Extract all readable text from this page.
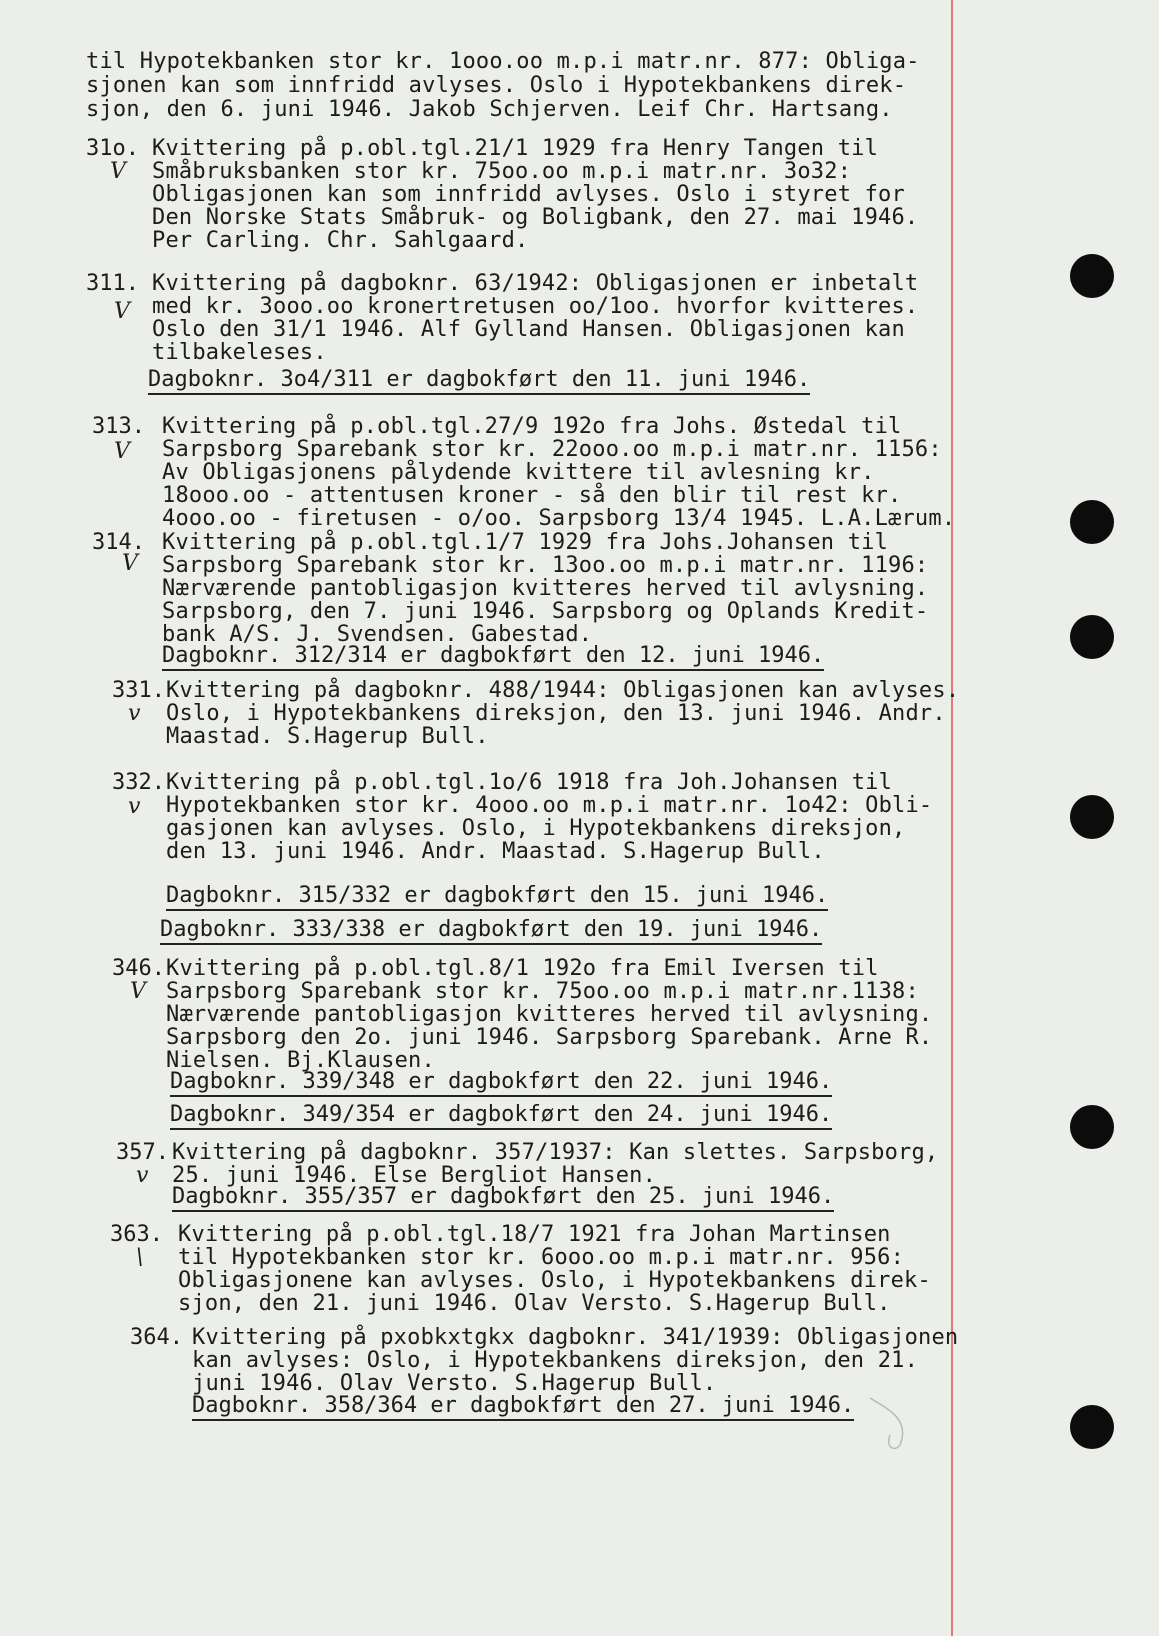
til Hypotekbanken stor kr. 1ooo.oo m.p.i matr.nr. 877: Obliga-
sjonen kan som innfridd avlyses. Oslo i Hypotekbankens direk-
sjon, den 6. juni 1946. Jakob Schjerven. Leif Chr. Hartsang.
31o.
V
Kvittering på p.obl.tgl.21/1 1929 fra Henry Tangen til
Småbruksbanken stor kr. 75oo.oo m.p.i matr.nr. 3o32:
Obligasjonen kan som innfridd avlyses. Oslo i styret for
Den Norske Stats Småbruk- og Boligbank, den 27. mai 1946.
Per Carling. Chr. Sahlgaard.
311.
V
Kvittering på dagboknr. 63/1942: Obligasjonen er inbetalt
med kr. 3ooo.oo kronertretusen oo/1oo. hvorfor kvitteres.
Oslo den 31/1 1946. Alf Gylland Hansen. Obligasjonen kan
tilbakeleses.
Dagboknr. 3o4/311 er dagbokført den 11. juni 1946.
313.
V
Kvittering på p.obl.tgl.27/9 192o fra Johs. Østedal til
Sarpsborg Sparebank stor kr. 22ooo.oo m.p.i matr.nr. 1156:
Av Obligasjonens pålydende kvittere til avlesning kr.
18ooo.oo - attentusen kroner - så den blir til rest kr.
4ooo.oo - firetusen - o/oo. Sarpsborg 13/4 1945. L.A.Lærum.
314.
V
Kvittering på p.obl.tgl.1/7 1929 fra Johs.Johansen til
Sarpsborg Sparebank stor kr. 13oo.oo m.p.i matr.nr. 1196:
Nærværende pantobligasjon kvitteres herved til avlysning.
Sarpsborg, den 7. juni 1946. Sarpsborg og Oplands Kredit-
bank A/S. J. Svendsen. Gabestad.
Dagboknr. 312/314 er dagbokført den 12. juni 1946.
331.
v
Kvittering på dagboknr. 488/1944: Obligasjonen kan avlyses.
Oslo, i Hypotekbankens direksjon, den 13. juni 1946. Andr.
Maastad. S.Hagerup Bull.
332.
v
Kvittering på p.obl.tgl.1o/6 1918 fra Joh.Johansen til
Hypotekbanken stor kr. 4ooo.oo m.p.i matr.nr. 1o42: Obli-
gasjonen kan avlyses. Oslo, i Hypotekbankens direksjon,
den 13. juni 1946. Andr. Maastad. S.Hagerup Bull.
Dagboknr. 315/332 er dagbokført den 15. juni 1946.
Dagboknr. 333/338 er dagbokført den 19. juni 1946.
346.
V
Kvittering på p.obl.tgl.8/1 192o fra Emil Iversen til
Sarpsborg Sparebank stor kr. 75oo.oo m.p.i matr.nr.1138:
Nærværende pantobligasjon kvitteres herved til avlysning.
Sarpsborg den 2o. juni 1946. Sarpsborg Sparebank. Arne R.
Nielsen. Bj.Klausen.
Dagboknr. 339/348 er dagbokført den 22. juni 1946.
Dagboknr. 349/354 er dagbokført den 24. juni 1946.
357.
v
Kvittering på dagboknr. 357/1937: Kan slettes. Sarpsborg,
25. juni 1946. Else Bergliot Hansen.
Dagboknr. 355/357 er dagbokført den 25. juni 1946.
363.
\
Kvittering på p.obl.tgl.18/7 1921 fra Johan Martinsen
til Hypotekbanken stor kr. 6ooo.oo m.p.i matr.nr. 956:
Obligasjonene kan avlyses. Oslo, i Hypotekbankens direk-
sjon, den 21. juni 1946. Olav Versto. S.Hagerup Bull.
364. Kvittering på pxobkxtgkx dagboknr. 341/1939: Obligasjonen
kan avlyses: Oslo, i Hypotekbankens direksjon, den 21.
juni 1946. Olav Versto. S.Hagerup Bull.
Dagboknr. 358/364 er dagbokført den 27. juni 1946.
